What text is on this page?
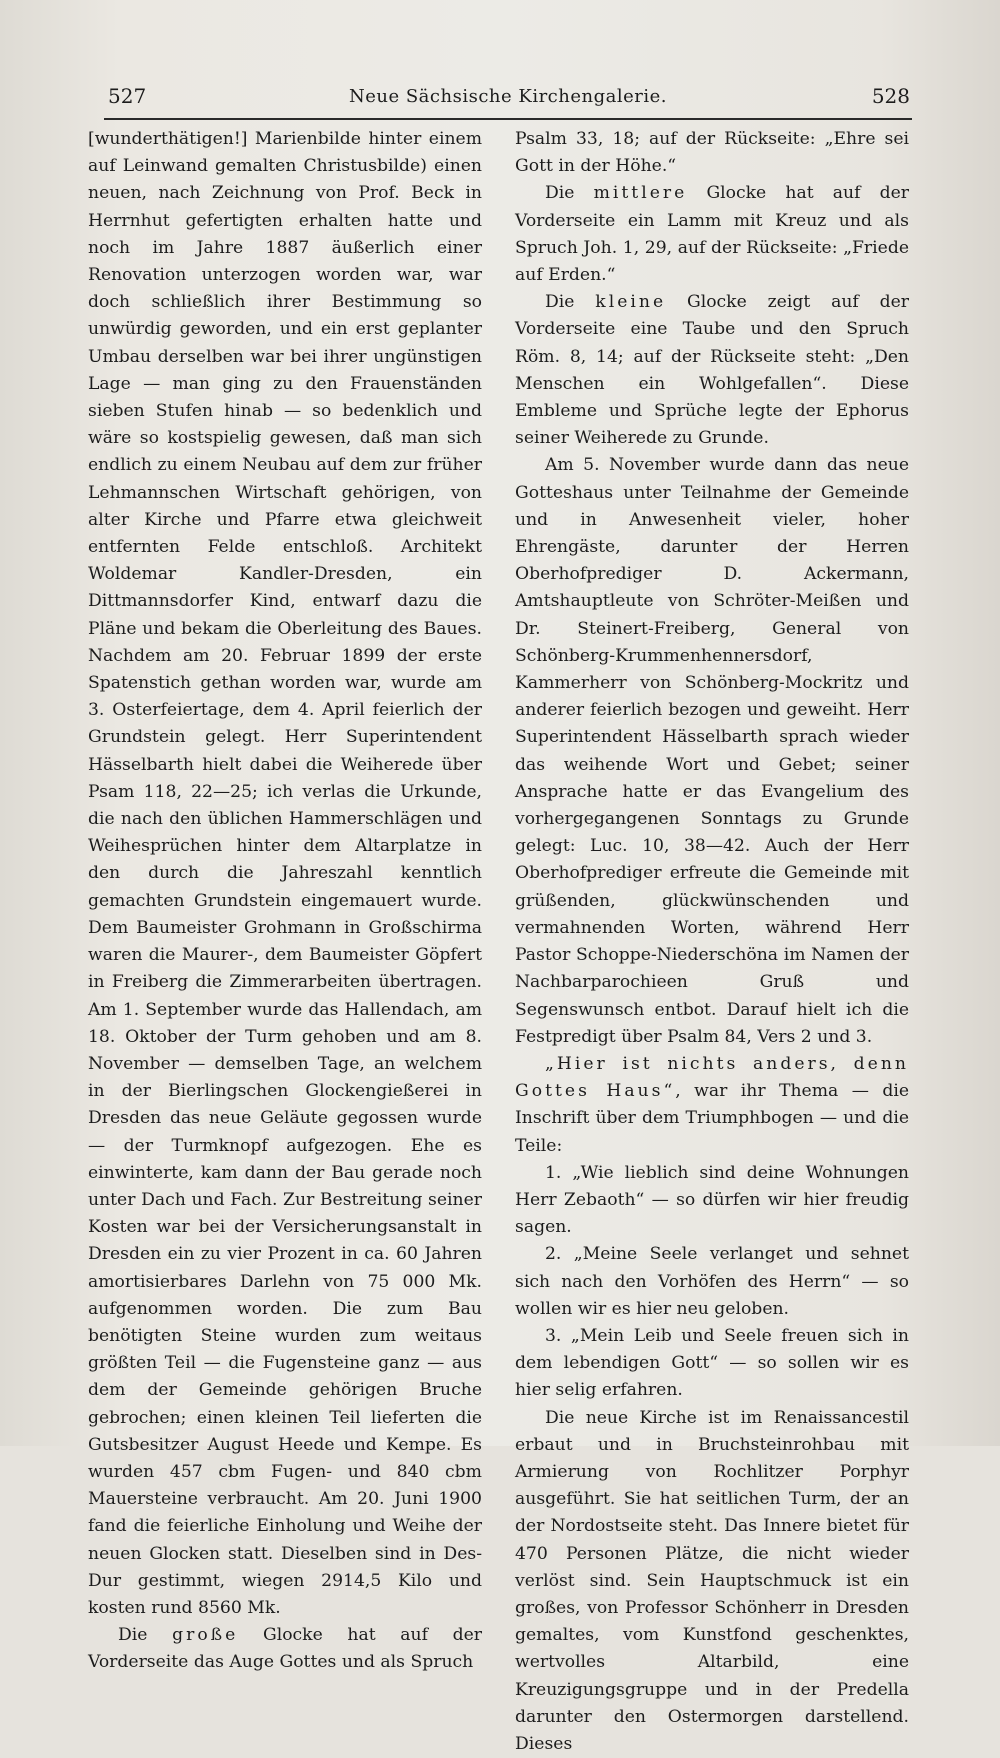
527	Neue Sächsische Kirchengalerie.	528

[wunderthätigen!] Marienbilde hinter einem auf Leinwand gemalten Christusbilde) einen neuen, nach Zeichnung von Prof. Beck in Herrnhut gefertigten erhalten hatte und noch im Jahre 1887 äußerlich einer Renovation unterzogen worden war, war doch schließlich ihrer Bestimmung so unwürdig geworden, und ein erst geplanter Umbau derselben war bei ihrer ungünstigen Lage — man ging zu den Frauenständen sieben Stufen hinab — so bedenklich und wäre so kostspielig gewesen, daß man sich endlich zu einem Neubau auf dem zur früher Lehmannschen Wirtschaft gehörigen, von alter Kirche und Pfarre etwa gleichweit entfernten Felde entschloß. Architekt Woldemar Kandler-Dresden, ein Dittmannsdorfer Kind, entwarf dazu die Pläne und bekam die Oberleitung des Baues. Nachdem am 20. Februar 1899 der erste Spatenstich gethan worden war, wurde am 3. Osterfeiertage, dem 4. April feierlich der Grundstein gelegt. Herr Superintendent Hässelbarth hielt dabei die Weiherede über Psam 118, 22—25; ich verlas die Urkunde, die nach den üblichen Hammerschlägen und Weihesprüchen hinter dem Altarplatze in den durch die Jahreszahl kenntlich gemachten Grundstein eingemauert wurde. Dem Baumeister Grohmann in Großschirma waren die Maurer-, dem Baumeister Göpfert in Freiberg die Zimmerarbeiten übertragen. Am 1. September wurde das Hallendach, am 18. Oktober der Turm gehoben und am 8. November — demselben Tage, an welchem in der Bierlingschen Glockengießerei in Dresden das neue Geläute gegossen wurde — der Turmknopf aufgezogen. Ehe es einwinterte, kam dann der Bau gerade noch unter Dach und Fach. Zur Bestreitung seiner Kosten war bei der Versicherungsanstalt in Dresden ein zu vier Prozent in ca. 60 Jahren amortisierbares Darlehn von 75 000 Mk. aufgenommen worden. Die zum Bau benötigten Steine wurden zum weitaus größten Teil — die Fugensteine ganz — aus dem der Gemeinde gehörigen Bruche gebrochen; einen kleinen Teil lieferten die Gutsbesitzer August Heede und Kempe. Es wurden 457 cbm Fugen- und 840 cbm Mauersteine verbraucht. Am 20. Juni 1900 fand die feierliche Einholung und Weihe der neuen Glocken statt. Dieselben sind in Des-Dur gestimmt, wiegen 2914,5 Kilo und kosten rund 8560 Mk.

Die große Glocke hat auf der Vorderseite das Auge Gottes und als Spruch

Psalm 33, 18; auf der Rückseite: „Ehre sei Gott in der Höhe.“

Die mittlere Glocke hat auf der Vorderseite ein Lamm mit Kreuz und als Spruch Joh. 1, 29, auf der Rückseite: „Friede auf Erden.“

Die kleine Glocke zeigt auf der Vorderseite eine Taube und den Spruch Röm. 8, 14; auf der Rückseite steht: „Den Menschen ein Wohlgefallen“. Diese Embleme und Sprüche legte der Ephorus seiner Weiherede zu Grunde.

Am 5. November wurde dann das neue Gotteshaus unter Teilnahme der Gemeinde und in Anwesenheit vieler, hoher Ehrengäste, darunter der Herren Oberhofprediger D. Ackermann, Amtshauptleute von Schröter-Meißen und Dr. Steinert-Freiberg, General von Schönberg-Krummenhennersdorf, Kammerherr von Schönberg-Mockritz und anderer feierlich bezogen und geweiht. Herr Superintendent Hässelbarth sprach wieder das weihende Wort und Gebet; seiner Ansprache hatte er das Evangelium des vorhergegangenen Sonntags zu Grunde gelegt: Luc. 10, 38—42. Auch der Herr Oberhofprediger erfreute die Gemeinde mit grüßenden, glückwünschenden und vermahnenden Worten, während Herr Pastor Schoppe-Niederschöna im Namen der Nachbarparochieen Gruß und Segenswunsch entbot. Darauf hielt ich die Festpredigt über Psalm 84, Vers 2 und 3.

„Hier ist nichts anders, denn Gottes Haus“, war ihr Thema — die Inschrift über dem Triumphbogen — und die Teile:

1. „Wie lieblich sind deine Wohnungen Herr Zebaoth“ — so dürfen wir hier freudig sagen.

2. „Meine Seele verlanget und sehnet sich nach den Vorhöfen des Herrn“ — so wollen wir es hier neu geloben.

3. „Mein Leib und Seele freuen sich in dem lebendigen Gott“ — so sollen wir es hier selig erfahren.

Die neue Kirche ist im Renaissancestil erbaut und in Bruchsteinrohbau mit Armierung von Rochlitzer Porphyr ausgeführt. Sie hat seitlichen Turm, der an der Nordostseite steht. Das Innere bietet für 470 Personen Plätze, die nicht wieder verlöst sind. Sein Hauptschmuck ist ein großes, von Professor Schönherr in Dresden gemaltes, vom Kunstfond geschenktes, wertvolles Altarbild, eine Kreuzigungsgruppe und in der Predella darunter den Ostermorgen darstellend. Dieses
